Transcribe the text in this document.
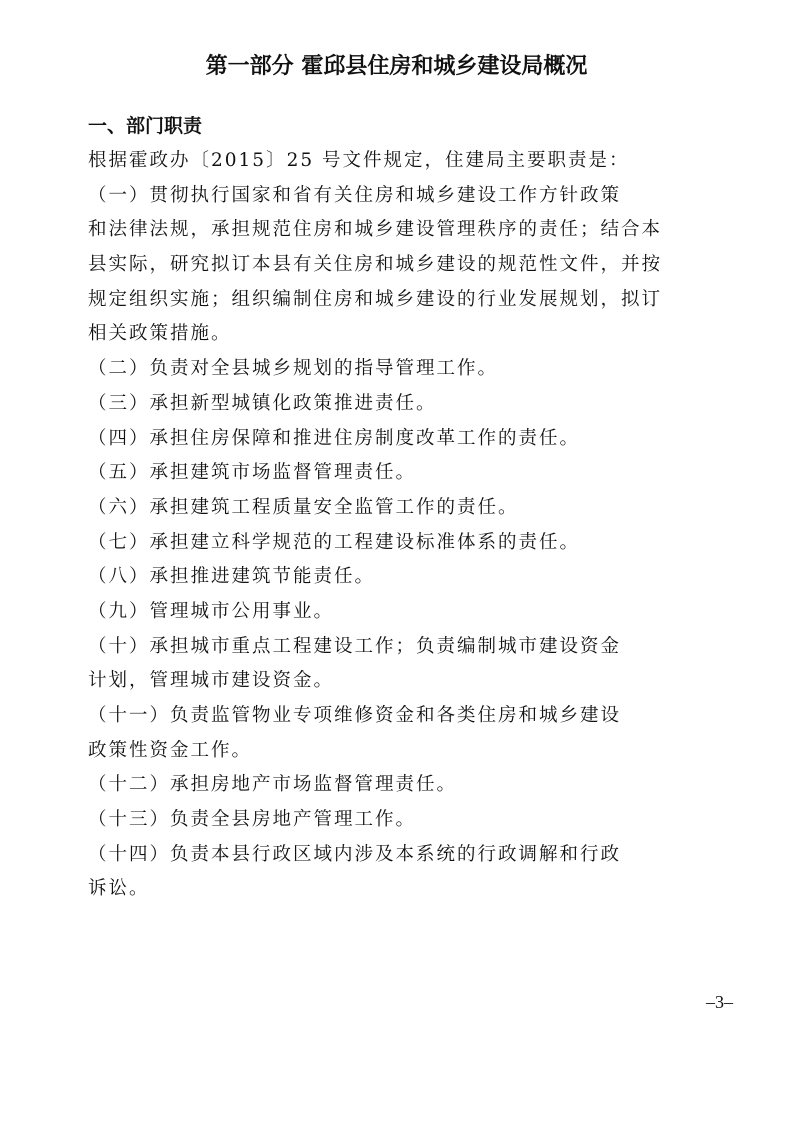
第一部分 霍邱县住房和城乡建设局概况
一、部门职责
根据霍政办〔2015〕25 号文件规定，住建局主要职责是：
（一）贯彻执行国家和省有关住房和城乡建设工作方针政策
和法律法规，承担规范住房和城乡建设管理秩序的责任；结合本
县实际，研究拟订本县有关住房和城乡建设的规范性文件，并按
规定组织实施；组织编制住房和城乡建设的行业发展规划，拟订
相关政策措施。
（二）负责对全县城乡规划的指导管理工作。
（三）承担新型城镇化政策推进责任。
（四）承担住房保障和推进住房制度改革工作的责任。
（五）承担建筑市场监督管理责任。
（六）承担建筑工程质量安全监管工作的责任。
（七）承担建立科学规范的工程建设标准体系的责任。
（八）承担推进建筑节能责任。
（九）管理城市公用事业。
（十）承担城市重点工程建设工作；负责编制城市建设资金
计划，管理城市建设资金。
（十一）负责监管物业专项维修资金和各类住房和城乡建设
政策性资金工作。
（十二）承担房地产市场监督管理责任。
（十三）负责全县房地产管理工作。
（十四）负责本县行政区域内涉及本系统的行政调解和行政
诉讼。
–3–
